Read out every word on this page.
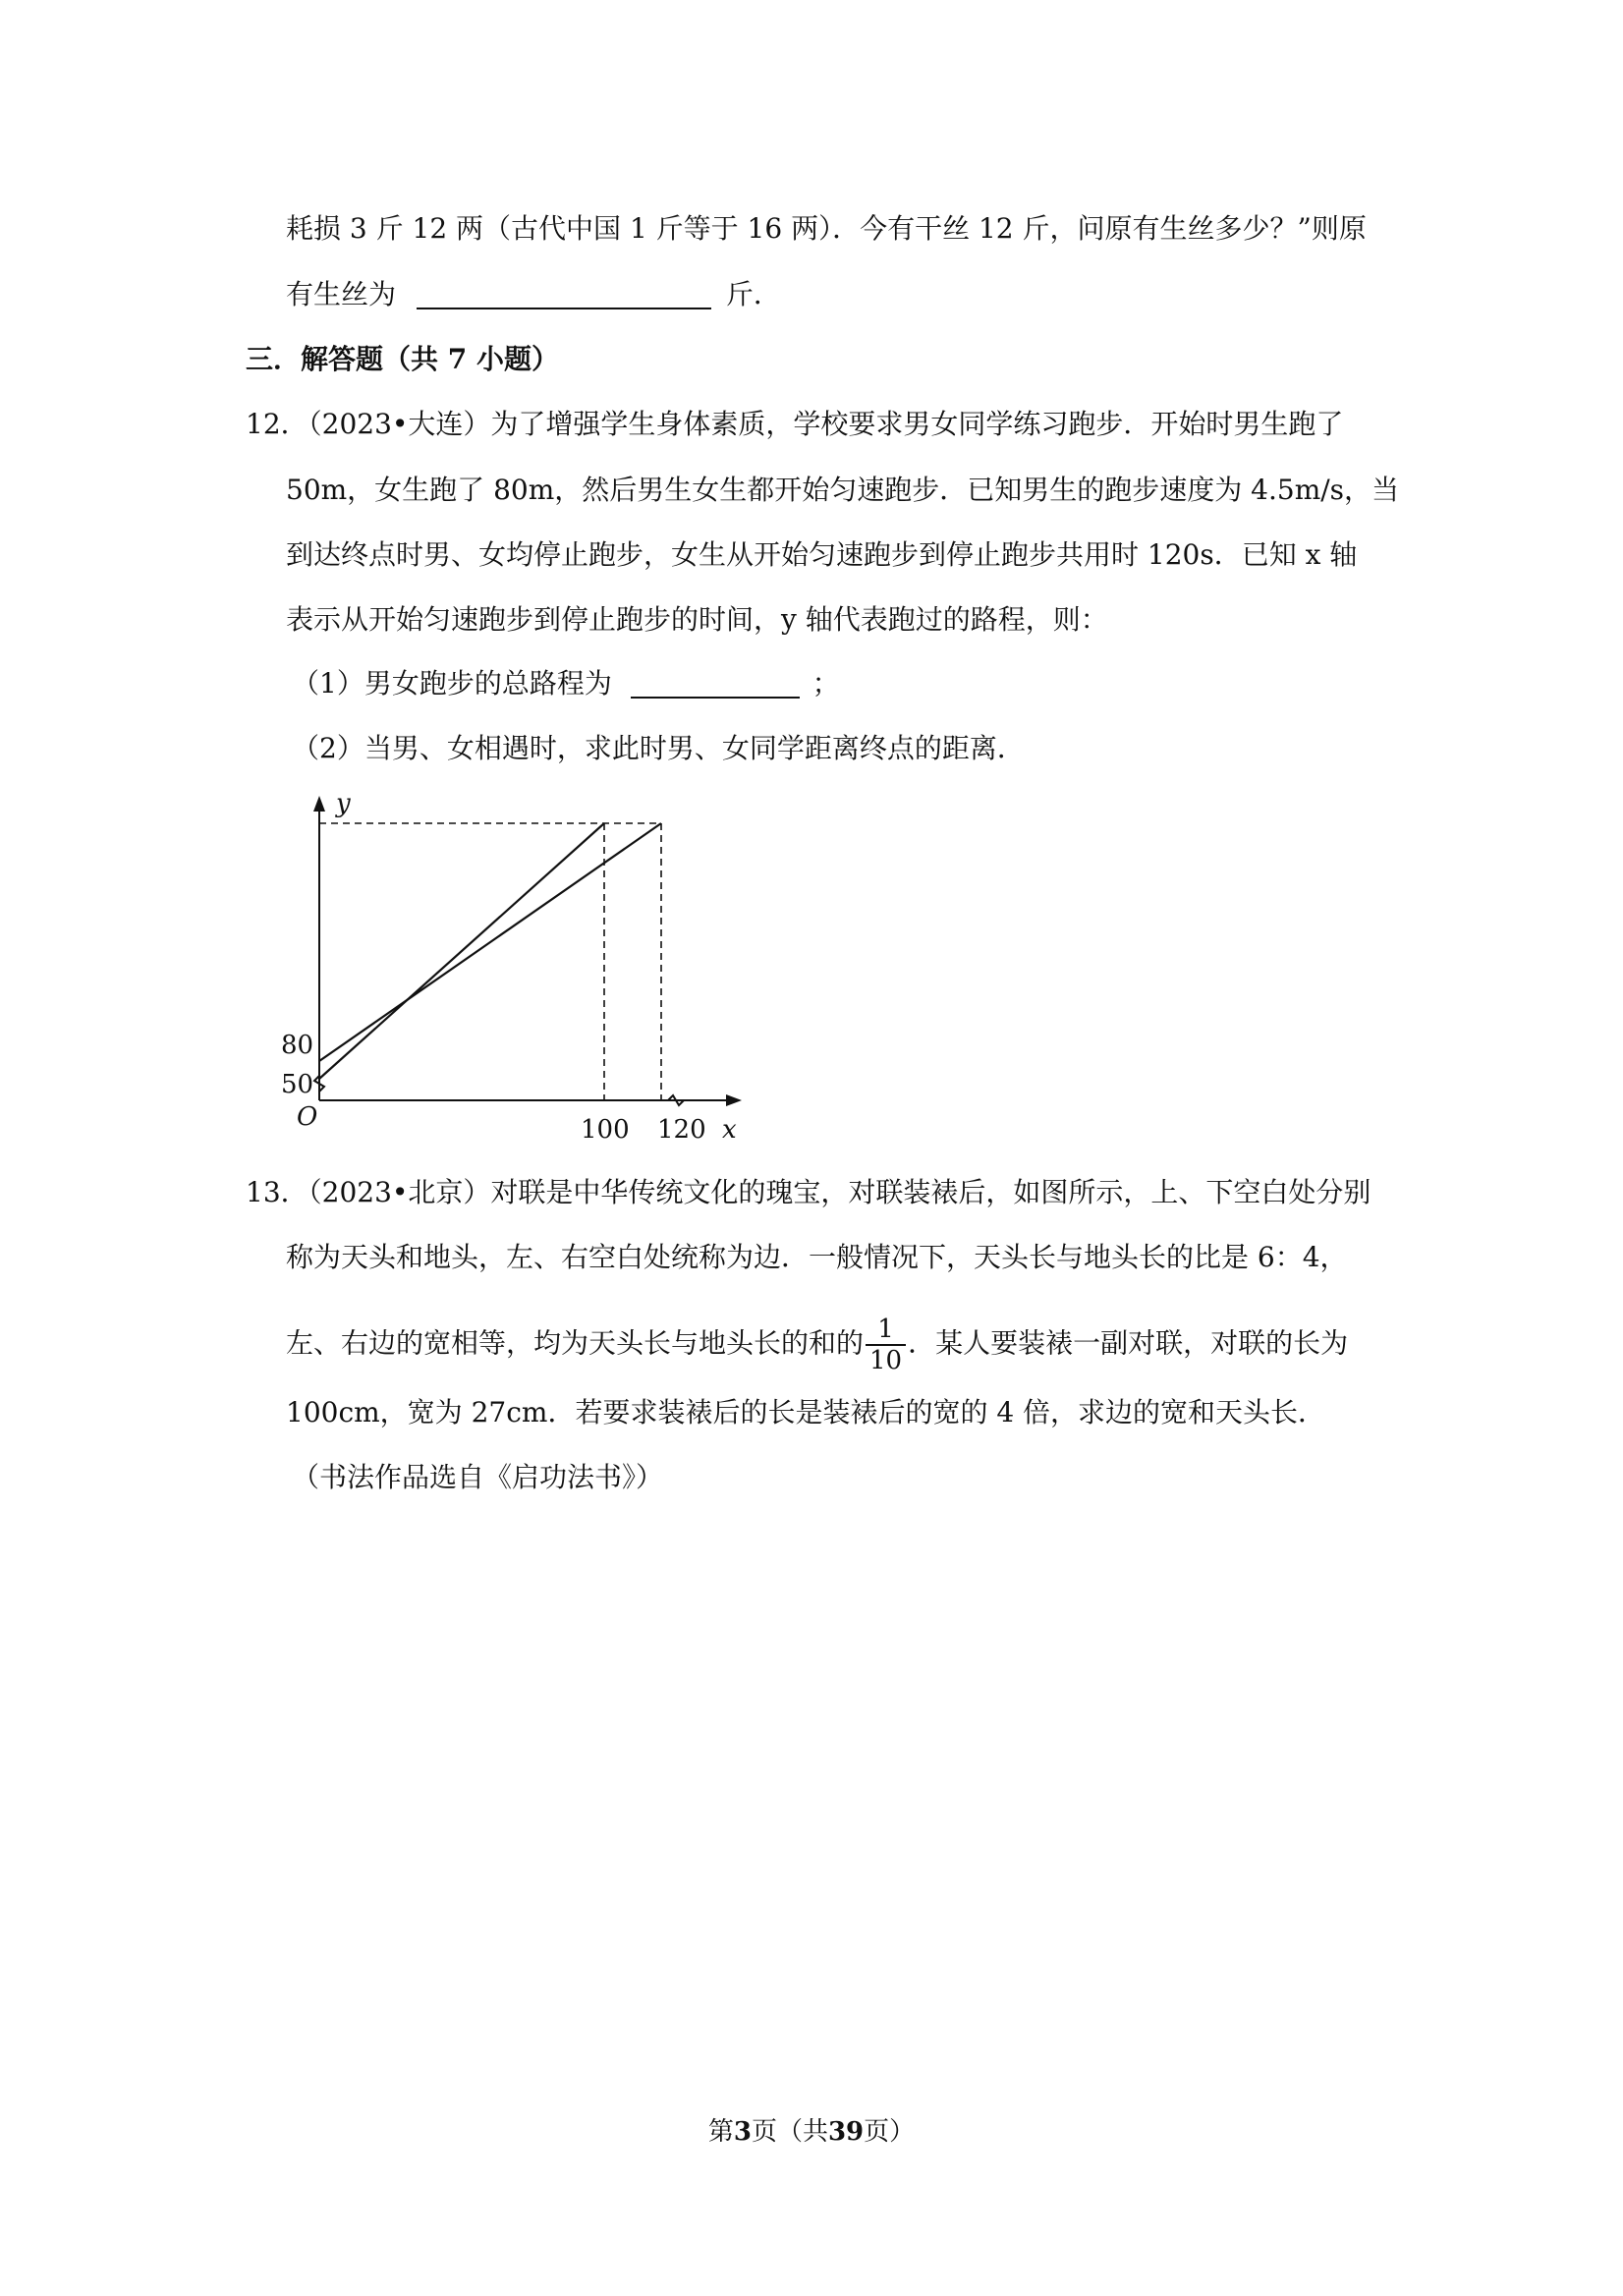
耗损 3 斤 12 两（古代中国 1 斤等于 16 两）．今有干丝 12 斤，问原有生丝多少？”则原
有生丝为	斤．
三．解答题（共 7 小题）
12．（2023•大连）为了增强学生身体素质，学校要求男女同学练习跑步．开始时男生跑了
50m，女生跑了 80m，然后男生女生都开始匀速跑步．已知男生的跑步速度为 4.5m/s，当
到达终点时男、女均停止跑步，女生从开始匀速跑步到停止跑步共用时 120s．已知 x 轴
表示从开始匀速跑步到停止跑步的时间，y 轴代表跑过的路程，则：
（1）男女跑步的总路程为	；
（2）当男、女相遇时，求此时男、女同学距离终点的距离．
y
x
O	100 120
80
50
13．（2023•北京）对联是中华传统文化的瑰宝，对联装裱后，如图所示，上、下空白处分别
称为天头和地头，左、右空白处统称为边．一般情况下，天头长与地头长的比是 6：4，
左、右边的宽相等，均为天头长与地头长的和的 $\frac{1}{10}$ ．某人要装裱一副对联，对联的长为
100cm，宽为 27cm．若要求装裱后的长是装裱后的宽的 4 倍，求边的宽和天头长．
（书法作品选自《启功法书》）
第3页（共39页）
